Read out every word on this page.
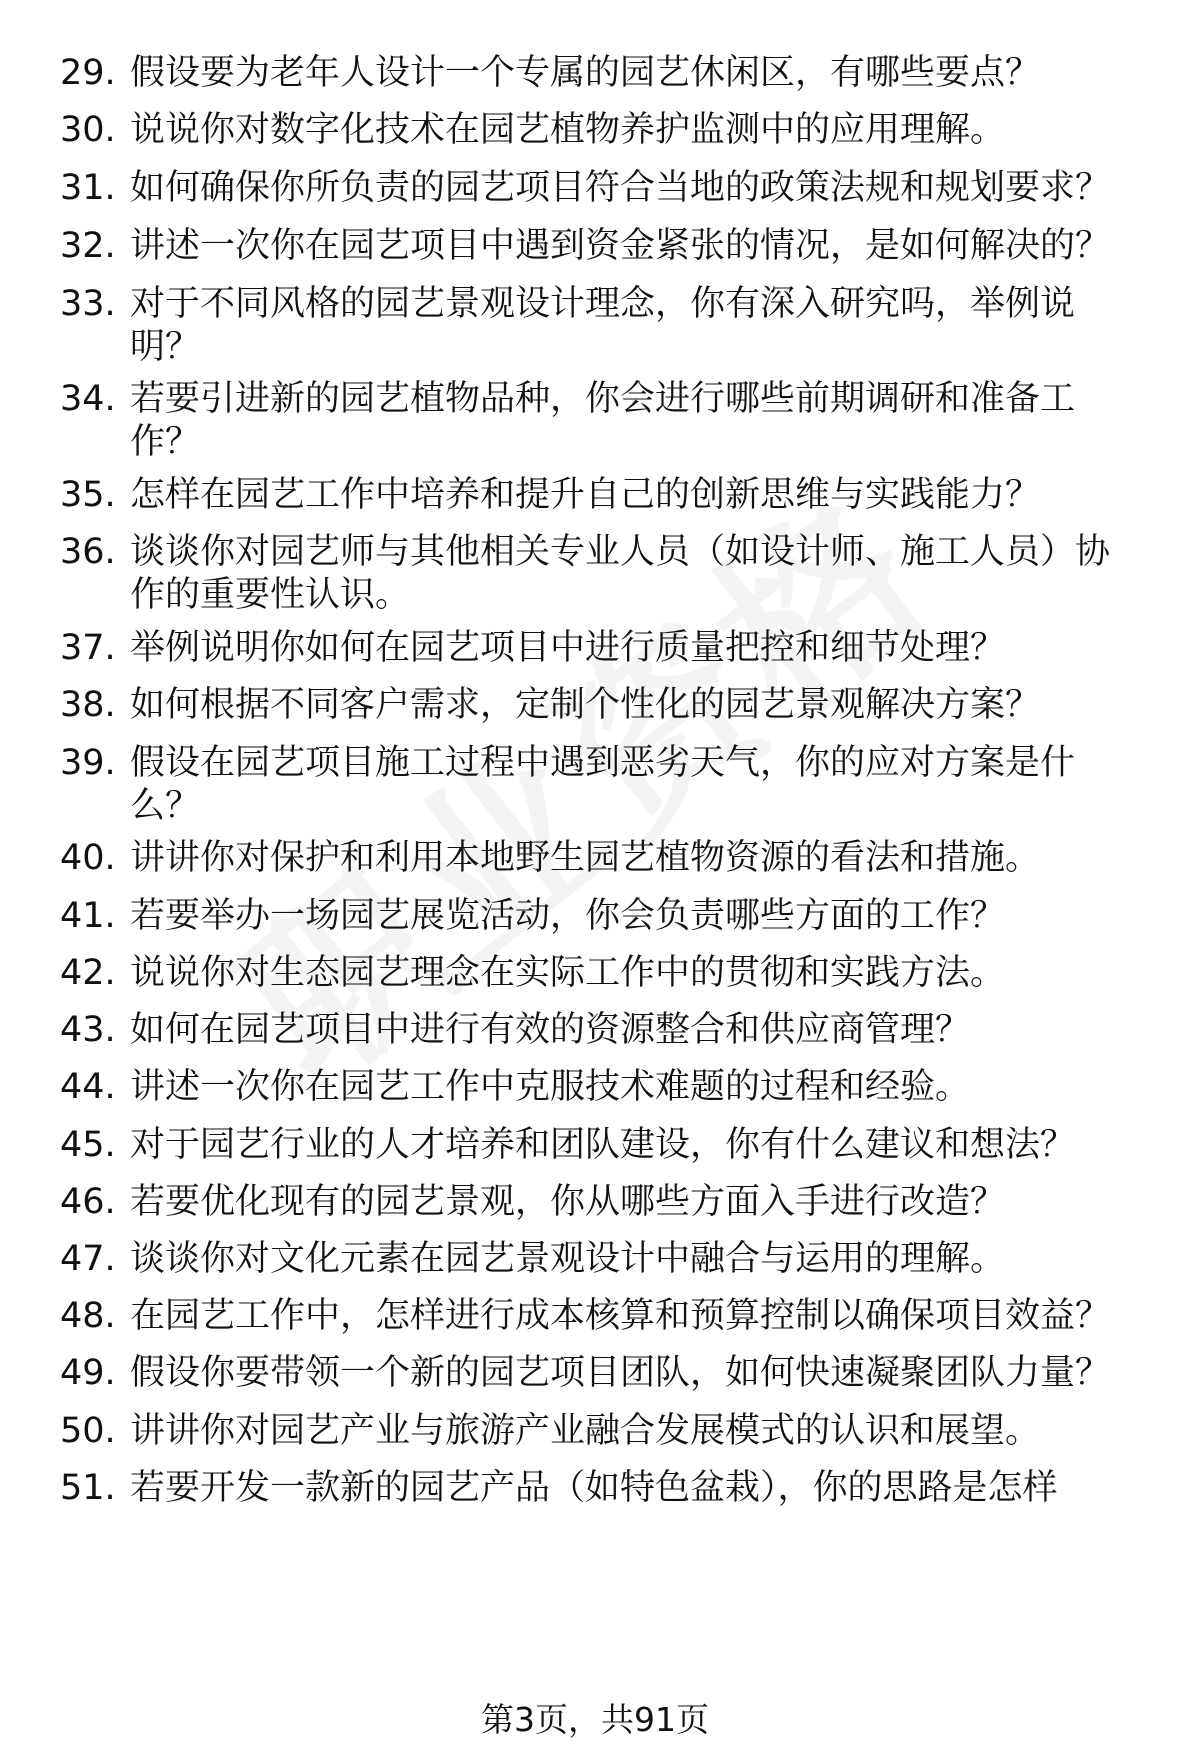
29. 假设要为老年人设计一个专属的园艺休闲区，有哪些要点？
30. 说说你对数字化技术在园艺植物养护监测中的应用理解。
31. 如何确保你所负责的园艺项目符合当地的政策法规和规划要求？
32. 讲述一次你在园艺项目中遇到资金紧张的情况，是如何解决的？
33. 对于不同风格的园艺景观设计理念，你有深入研究吗，举例说
明？
34. 若要引进新的园艺植物品种，你会进行哪些前期调研和准备工
作？
35. 怎样在园艺工作中培养和提升自己的创新思维与实践能力？
36. 谈谈你对园艺师与其他相关专业人员（如设计师、施工人员）协
作的重要性认识。
37. 举例说明你如何在园艺项目中进行质量把控和细节处理？
38. 如何根据不同客户需求，定制个性化的园艺景观解决方案？
39. 假设在园艺项目施工过程中遇到恶劣天气，你的应对方案是什
么？
40. 讲讲你对保护和利用本地野生园艺植物资源的看法和措施。
41. 若要举办一场园艺展览活动，你会负责哪些方面的工作？
42. 说说你对生态园艺理念在实际工作中的贯彻和实践方法。
43. 如何在园艺项目中进行有效的资源整合和供应商管理？
44. 讲述一次你在园艺工作中克服技术难题的过程和经验。
45. 对于园艺行业的人才培养和团队建设，你有什么建议和想法？
46. 若要优化现有的园艺景观，你从哪些方面入手进行改造？
47. 谈谈你对文化元素在园艺景观设计中融合与运用的理解。
48. 在园艺工作中，怎样进行成本核算和预算控制以确保项目效益？
49. 假设你要带领一个新的园艺项目团队，如何快速凝聚团队力量？
50. 讲讲你对园艺产业与旅游产业融合发展模式的认识和展望。
51. 若要开发一款新的园艺产品（如特色盆栽），你的思路是怎样
第3页，共91页
